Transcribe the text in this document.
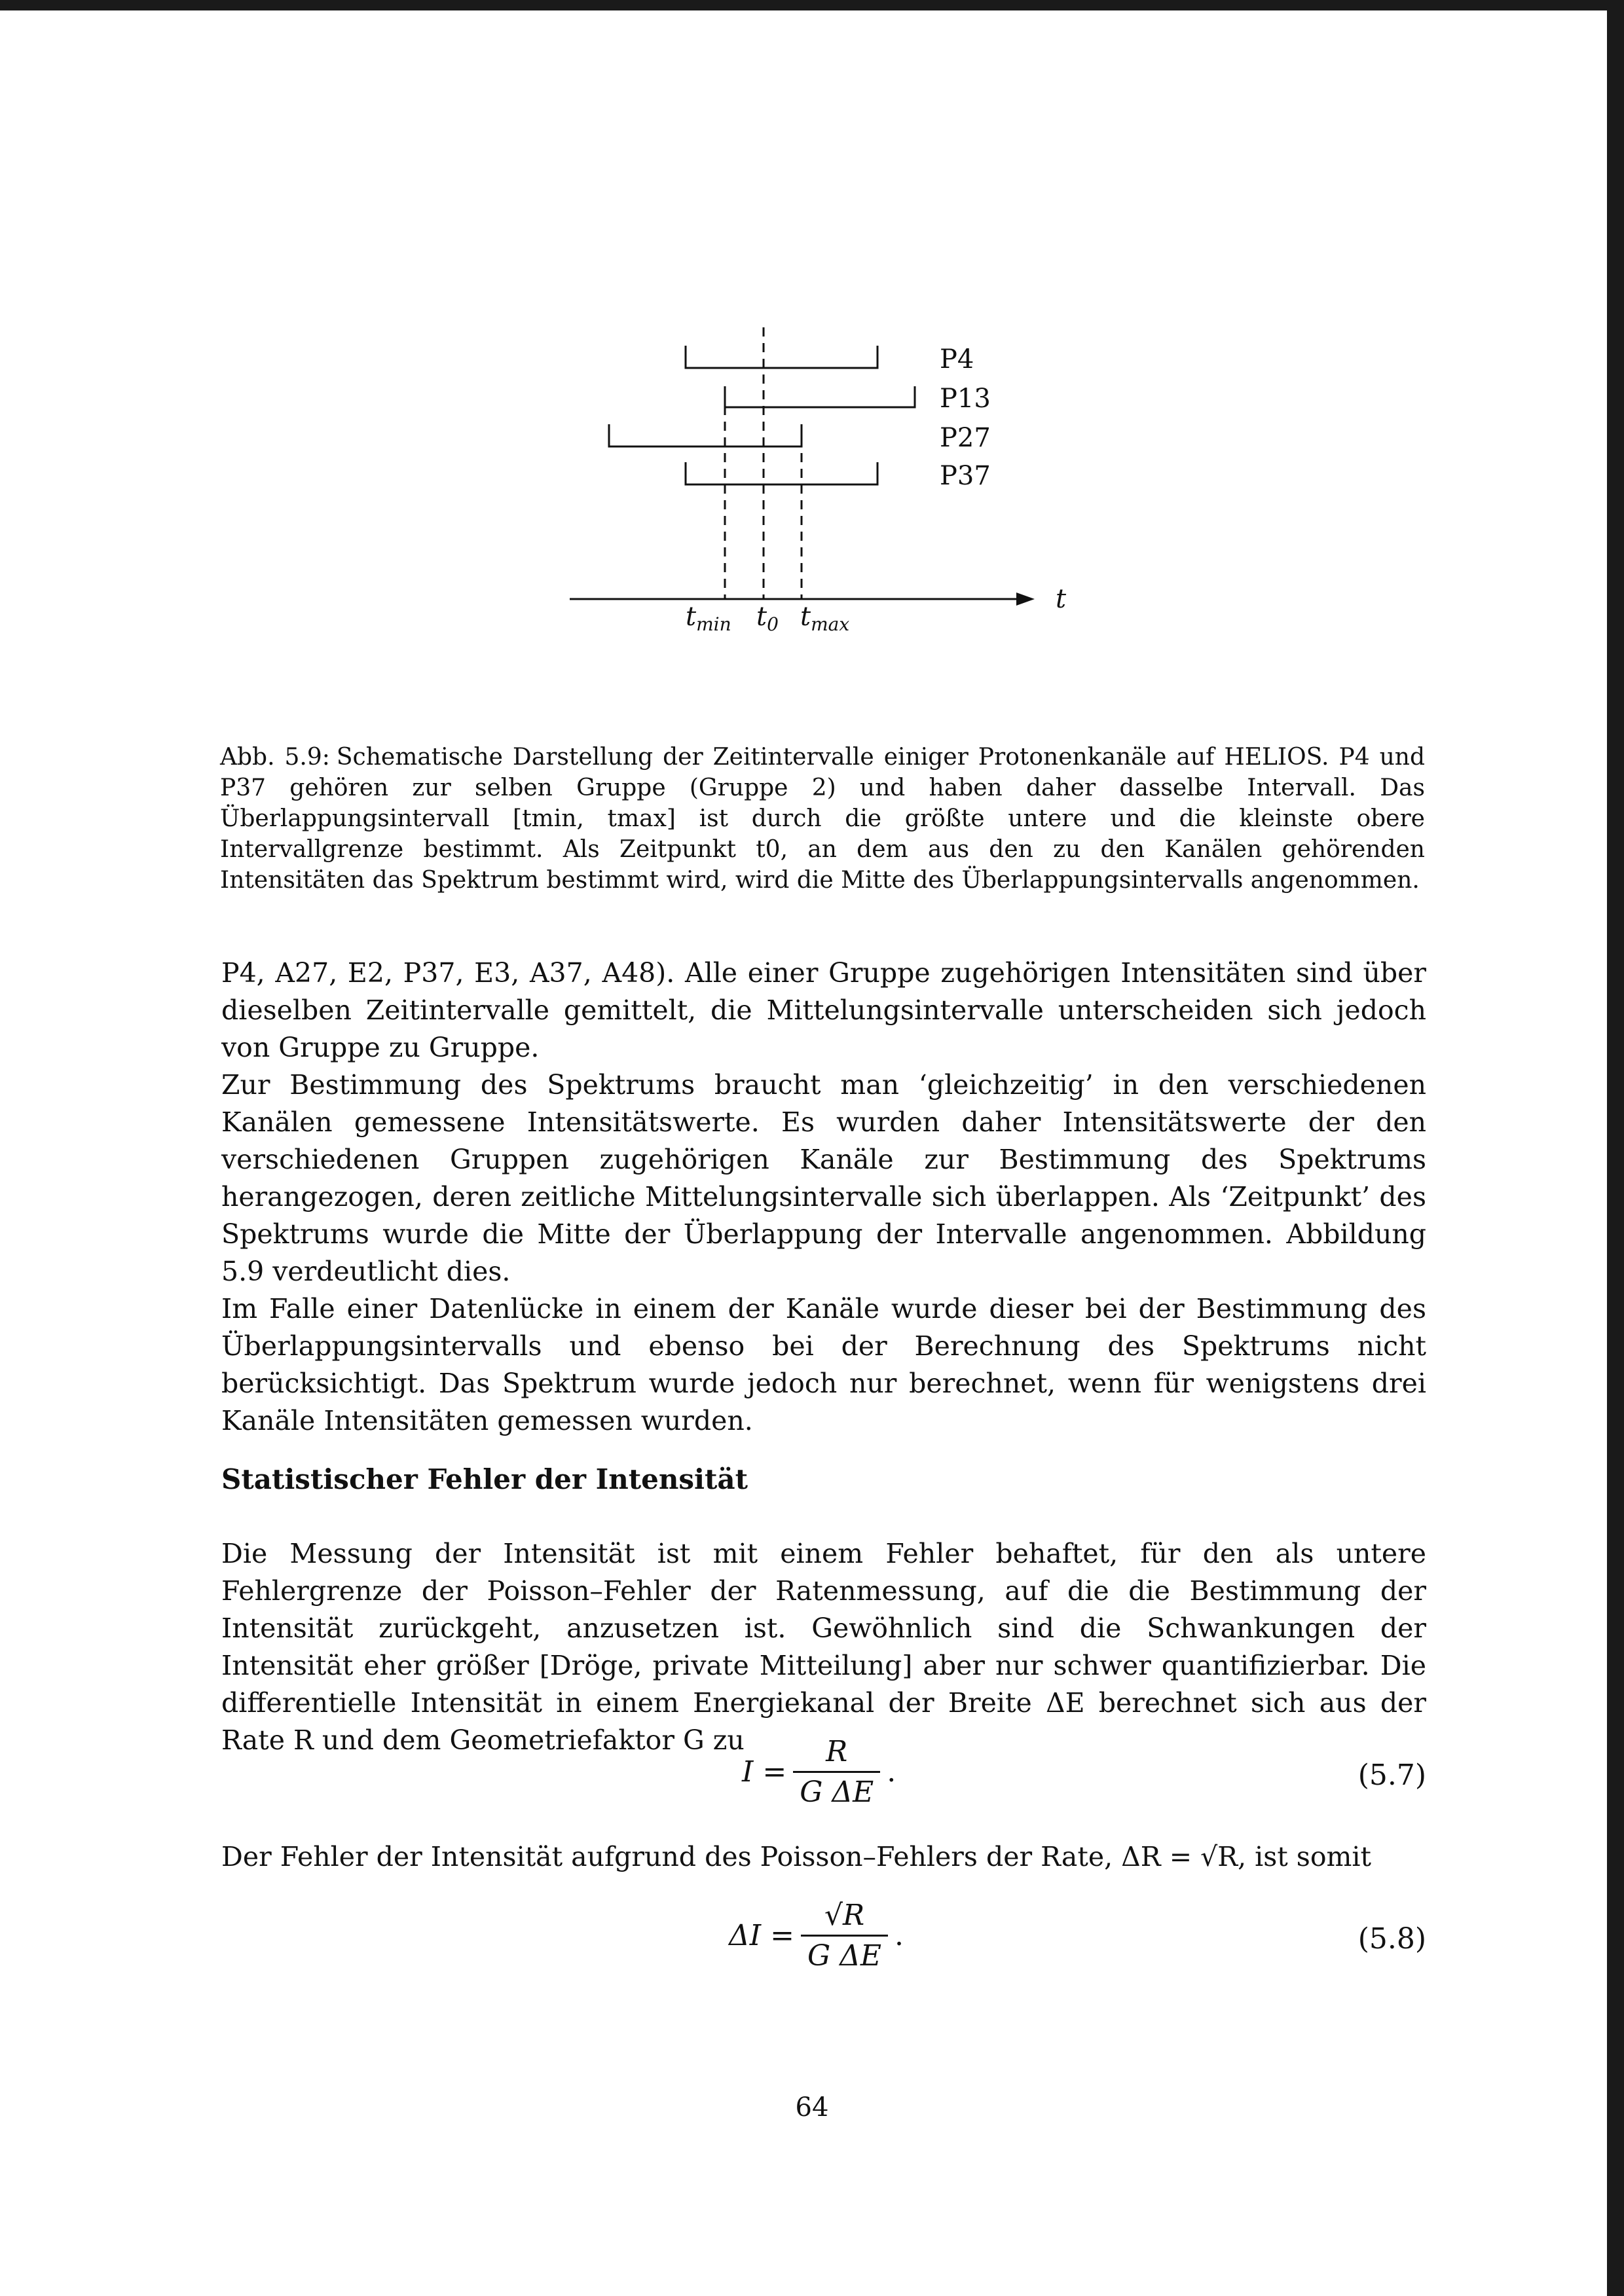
P4
P13
P27
P37
t
$t_{min}$ $t_0$ $t_{max}$

Abb. 5.9: Schematische Darstellung der Zeitintervalle einiger Protonenkanäle auf HELIOS. P4 und P37 gehören zur selben Gruppe (Gruppe 2) und haben daher dasselbe Intervall. Das Überlappungsintervall [tmin, tmax] ist durch die größte untere und die kleinste obere Intervallgrenze bestimmt. Als Zeitpunkt t0, an dem aus den zu den Kanälen gehörenden Intensitäten das Spektrum bestimmt wird, wird die Mitte des Überlappungsintervalls angenommen.

P4, A27, E2, P37, E3, A37, A48). Alle einer Gruppe zugehörigen Intensitäten sind über dieselben Zeitintervalle gemittelt, die Mittelungsintervalle unterscheiden sich jedoch von Gruppe zu Gruppe.

Zur Bestimmung des Spektrums braucht man ‘gleichzeitig’ in den verschiedenen Kanälen gemessene Intensitätswerte. Es wurden daher Intensitätswerte der den verschiedenen Gruppen zugehörigen Kanäle zur Bestimmung des Spektrums herangezogen, deren zeitliche Mittelungsintervalle sich überlappen. Als ‘Zeitpunkt’ des Spektrums wurde die Mitte der Überlappung der Intervalle angenommen. Abbildung 5.9 verdeutlicht dies.

Im Falle einer Datenlücke in einem der Kanäle wurde dieser bei der Bestimmung des Überlappungsintervalls und ebenso bei der Berechnung des Spektrums nicht berücksichtigt. Das Spektrum wurde jedoch nur berechnet, wenn für wenigstens drei Kanäle Intensitäten gemessen wurden.

Statistischer Fehler der Intensität

Die Messung der Intensität ist mit einem Fehler behaftet, für den als untere Fehlergrenze der Poisson–Fehler der Ratenmessung, auf die die Bestimmung der Intensität zurückgeht, anzusetzen ist. Gewöhnlich sind die Schwankungen der Intensität eher größer [Dröge, private Mitteilung] aber nur schwer quantifizierbar. Die differentielle Intensität in einem Energiekanal der Breite ΔE berechnet sich aus der Rate R und dem Geometriefaktor G zu

$I = \frac{R}{\text{G ΔE}}$ .	(5.7)

Der Fehler der Intensität aufgrund des Poisson–Fehlers der Rate, ΔR = √R, ist somit

$\Delta I = \frac{√R}{\text{G ΔE}}$ .	(5.8)
64
